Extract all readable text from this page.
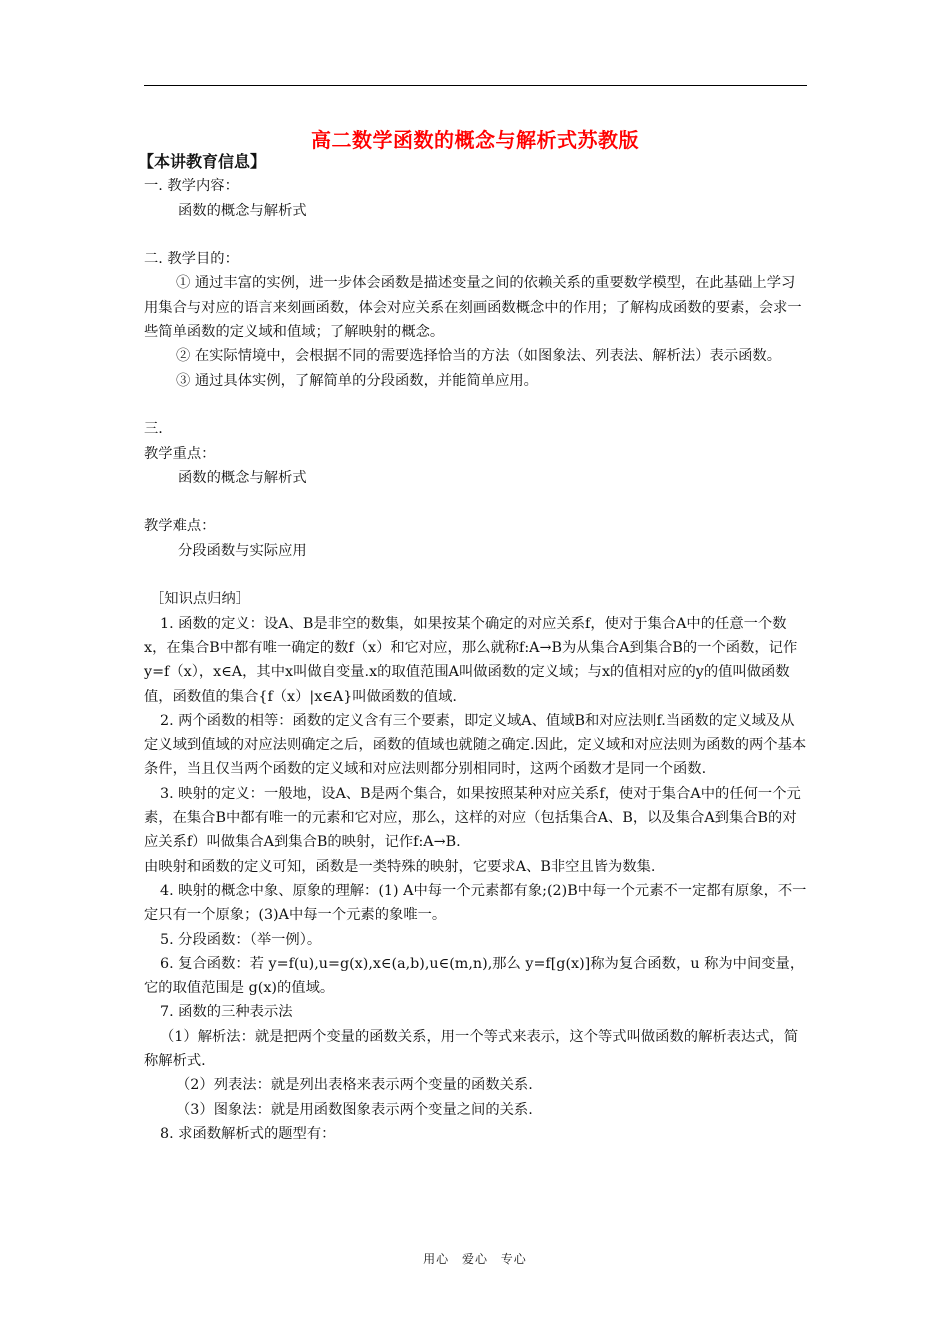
高二数学函数的概念与解析式苏教版

【本讲教育信息】

一. 教学内容：

函数的概念与解析式

二. 教学目的：

① 通过丰富的实例，进一步体会函数是描述变量之间的依赖关系的重要数学模型，在此基础上学习用集合与对应的语言来刻画函数，体会对应关系在刻画函数概念中的作用；了解构成函数的要素，会求一些简单函数的定义域和值域；了解映射的概念。

② 在实际情境中，会根据不同的需要选择恰当的方法（如图象法、列表法、解析法）表示函数。

③ 通过具体实例，了解简单的分段函数，并能简单应用。

三.

教学重点：

函数的概念与解析式

教学难点：

分段函数与实际应用

［知识点归纳］

1. 函数的定义：设A、B是非空的数集，如果按某个确定的对应关系f，使对于集合A中的任意一个数x，在集合B中都有唯一确定的数f（x）和它对应，那么就称f:A→B为从集合A到集合B的一个函数，记作y=f（x），x∈A，其中x叫做自变量.x的取值范围A叫做函数的定义域；与x的值相对应的y的值叫做函数值，函数值的集合{f（x）|x∈A}叫做函数的值域.

2. 两个函数的相等：函数的定义含有三个要素，即定义域A、值域B和对应法则f.当函数的定义域及从定义域到值域的对应法则确定之后，函数的值域也就随之确定.因此，定义域和对应法则为函数的两个基本条件，当且仅当两个函数的定义域和对应法则都分别相同时，这两个函数才是同一个函数.

3. 映射的定义：一般地，设A、B是两个集合，如果按照某种对应关系f，使对于集合A中的任何一个元素，在集合B中都有唯一的元素和它对应，那么，这样的对应（包括集合A、B，以及集合A到集合B的对应关系f）叫做集合A到集合B的映射，记作f:A→B.

由映射和函数的定义可知，函数是一类特殊的映射，它要求A、B非空且皆为数集.

4. 映射的概念中象、原象的理解：(1) A中每一个元素都有象;(2)B中每一个元素不一定都有原象，不一定只有一个原象；(3)A中每一个元素的象唯一。

5. 分段函数：（举一例）。

6. 复合函数：若 y=f(u),u=g(x),x∈(a,b),u∈(m,n),那么 y=f[g(x)]称为复合函数，u 称为中间变量，它的取值范围是 g(x)的值域。

7. 函数的三种表示法

（1）解析法：就是把两个变量的函数关系，用一个等式来表示，这个等式叫做函数的解析表达式，简称解析式.

（2）列表法：就是列出表格来表示两个变量的函数关系.

（3）图象法：就是用函数图象表示两个变量之间的关系.

8. 求函数解析式的题型有：

用心 爱心 专心
